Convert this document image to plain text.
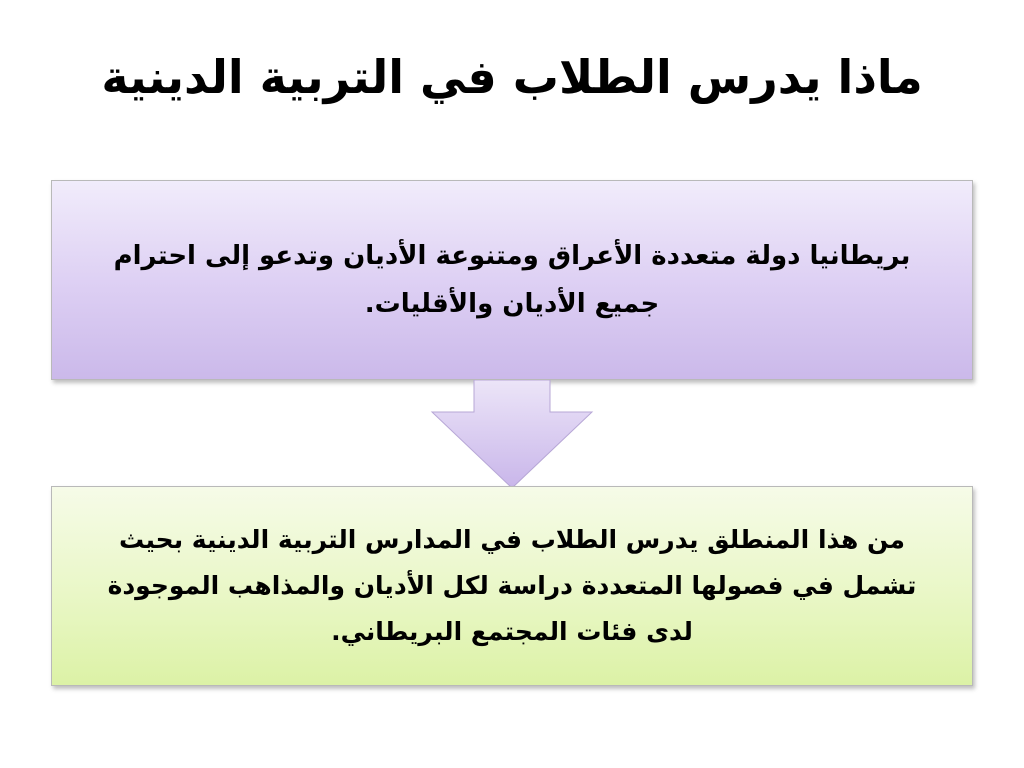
ماذا يدرس الطلاب في التربية الدينية
بريطانيا دولة متعددة الأعراق ومتنوعة الأديان وتدعو إلى احترام جميع الأديان والأقليات.
من هذا المنطلق يدرس الطلاب في المدارس التربية الدينية بحيث تشمل في فصولها المتعددة دراسة لكل الأديان والمذاهب الموجودة لدى فئات المجتمع البريطاني.
